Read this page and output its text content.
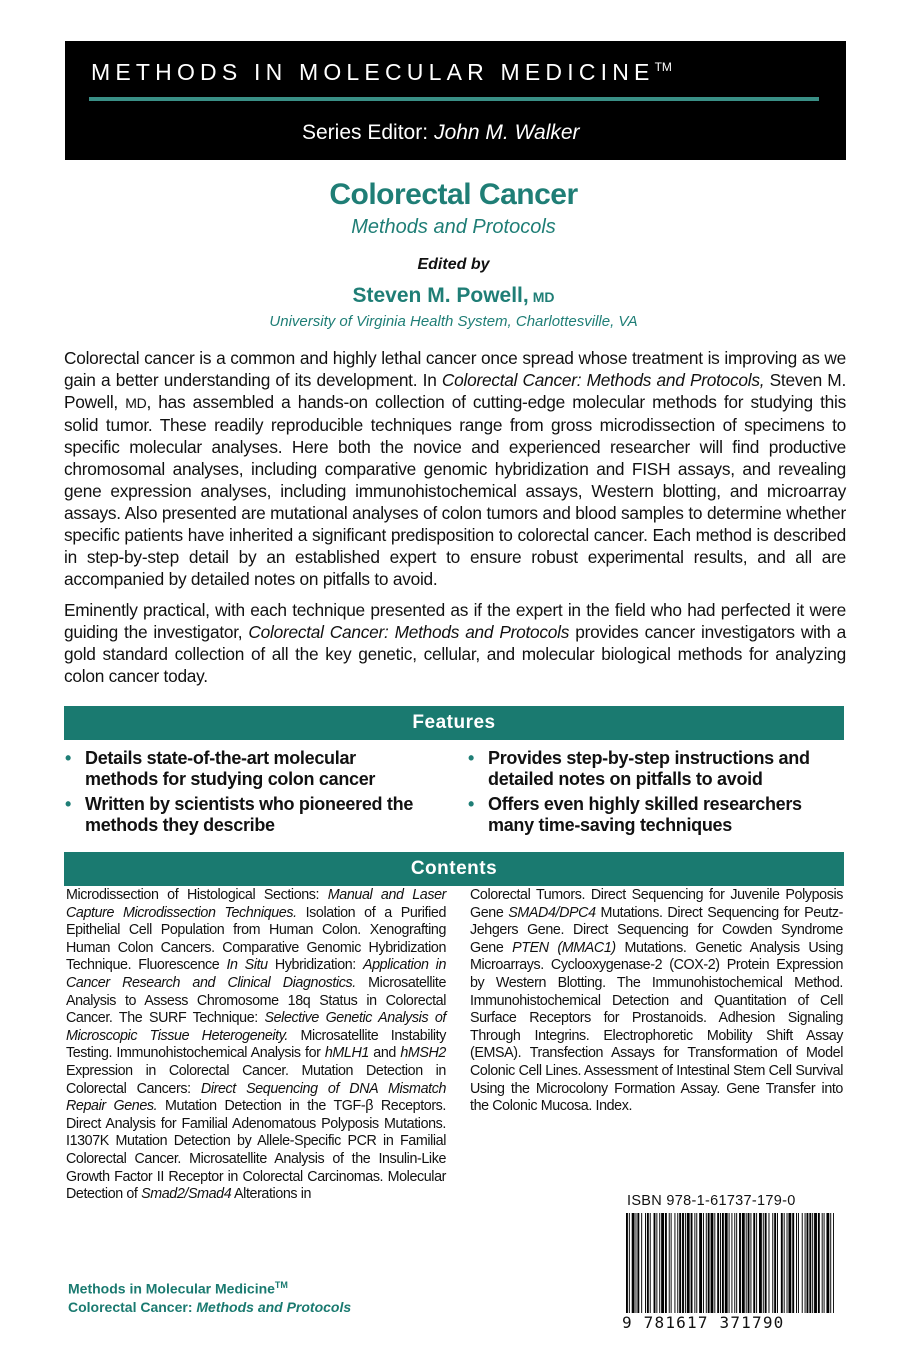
METHODS IN MOLECULAR MEDICINE™
Series Editor: John M. Walker
Colorectal Cancer
Methods and Protocols
Edited by
Steven M. Powell, MD
University of Virginia Health System, Charlottesville, VA

Colorectal cancer is a common and highly lethal cancer once spread whose treatment is improving as we gain a better understanding of its development. In Colorectal Cancer: Methods and Protocols, Steven M. Powell, MD, has assembled a hands-on collection of cutting-edge molecular methods for studying this solid tumor. These readily reproducible techniques range from gross microdissection of specimens to specific molecular analyses. Here both the novice and experienced researcher will find productive chromosomal analyses, including comparative genomic hybridization and FISH assays, and revealing gene expression analyses, including immunohistochemical assays, Western blotting, and microarray assays. Also presented are mutational analyses of colon tumors and blood samples to determine whether specific patients have inherited a significant predisposition to colorectal cancer. Each method is described in step-by-step detail by an established expert to ensure robust experimental results, and all are accompanied by detailed notes on pitfalls to avoid.

Eminently practical, with each technique presented as if the expert in the field who had perfected it were guiding the investigator, Colorectal Cancer: Methods and Protocols provides cancer investigators with a gold standard collection of all the key genetic, cellular, and molecular biological methods for analyzing colon cancer today.

Features
• Details state-of-the-art molecular methods for studying colon cancer
• Written by scientists who pioneered the methods they describe
• Provides step-by-step instructions and detailed notes on pitfalls to avoid
• Offers even highly skilled researchers many time-saving techniques
Contents

Microdissection of Histological Sections: Manual and Laser Capture Microdissection Techniques. Isolation of a Purified Epithelial Cell Population from Human Colon. Xenografting Human Colon Cancers. Comparative Genomic Hybridization Technique. Fluorescence In Situ Hybridization: Application in Cancer Research and Clinical Diagnostics. Microsatellite Analysis to Assess Chromosome 18q Status in Colorectal Cancer. The SURF Technique: Selective Genetic Analysis of Microscopic Tissue Heterogeneity. Microsatellite Instability Testing. Immunohistochemical Analysis for hMLH1 and hMSH2 Expression in Colorectal Cancer. Mutation Detection in Colorectal Cancers: Direct Sequencing of DNA Mismatch Repair Genes. Mutation Detection in the TGF-β Receptors. Direct Analysis for Familial Adenomatous Polyposis Mutations. I1307K Mutation Detection by Allele-Specific PCR in Familial Colorectal Cancer. Microsatellite Analysis of the Insulin-Like Growth Factor II Receptor in Colorectal Carcinomas. Molecular Detection of Smad2/Smad4 Alterations in

Colorectal Tumors. Direct Sequencing for Juvenile Polyposis Gene SMAD4/DPC4 Mutations. Direct Sequencing for Peutz-Jehgers Gene. Direct Sequencing for Cowden Syndrome Gene PTEN (MMAC1) Mutations. Genetic Analysis Using Microarrays. Cyclooxygenase-2 (COX-2) Protein Expression by Western Blotting. The Immunohistochemical Method. Immunohistochemical Detection and Quantitation of Cell Surface Receptors for Prostanoids. Adhesion Signaling Through Integrins. Electrophoretic Mobility Shift Assay (EMSA). Transfection Assays for Transformation of Model Colonic Cell Lines. Assessment of Intestinal Stem Cell Survival Using the Microcolony Formation Assay. Gene Transfer into the Colonic Mucosa. Index.

ISBN 978-1-61737-179-0
9 781617 371790
Methods in Molecular Medicine™
Colorectal Cancer: Methods and Protocols
